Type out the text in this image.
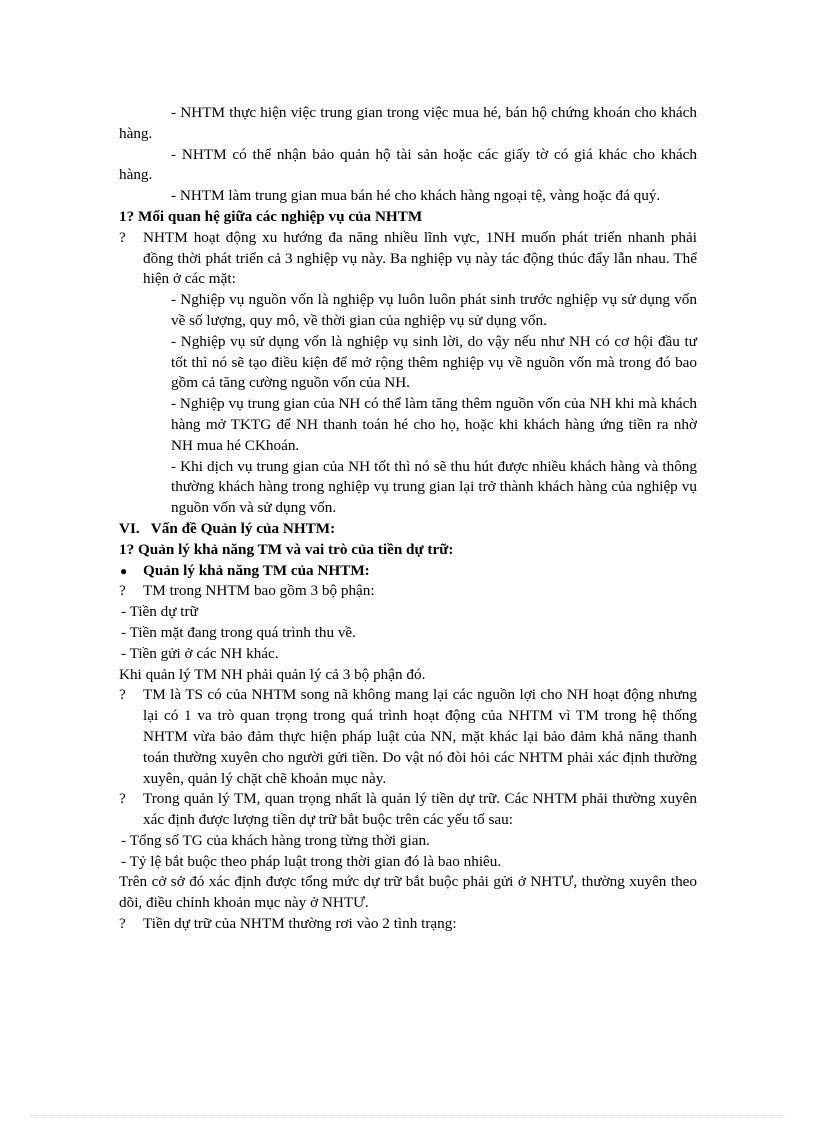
- NHTM thực hiện việc trung gian trong việc mua hé, bán hộ chứng khoán cho khách hàng.

- NHTM có thể nhận bảo quản hộ tài sản hoặc các giấy tờ có giá khác cho khách hàng.

- NHTM làm trung gian mua bán hé cho khách hàng ngoại tệ, vàng hoặc đá quý.

1? Mối quan hệ giữa các nghiệp vụ của NHTM

? NHTM hoạt động xu hướng đa năng nhiều lĩnh vực, 1NH muốn phát triển nhanh phải đồng thời phát triển cả 3 nghiệp vụ này. Ba nghiệp vụ này tác động thúc đẩy lẫn nhau. Thể hiện ở các mặt:

- Nghiệp vụ nguồn vốn là nghiệp vụ luôn luôn phát sinh trước nghiệp vụ sử dụng vốn về số lượng, quy mô, về thời gian của nghiệp vụ sử dụng vốn.

- Nghiệp vụ sử dụng vốn là nghiệp vụ sinh lời, do vậy nếu như NH có cơ hội đầu tư tốt thì nó sẽ tạo điều kiện để mở rộng thêm nghiệp vụ về nguồn vốn mà trong đó bao gồm cả tăng cường nguồn vốn của NH.

- Nghiệp vụ trung gian của NH có thể làm tăng thêm nguồn vốn của NH khi mà khách hàng mở TKTG để NH thanh toán hé cho họ, hoặc khi khách hàng ứng tiền ra nhờ NH mua hé CKhoán.

- Khi dịch vụ trung gian của NH tốt thì nó sẽ thu hút được nhiều khách hàng và thông thường khách hàng trong nghiệp vụ trung gian lại trở thành khách hàng của nghiệp vụ nguồn vốn và sử dụng vốn.

VI.   Vấn đề Quản lý của NHTM:

1? Quản lý khả năng TM và vai trò của tiền dự trữ:

● Quản lý khả năng TM của NHTM:

? TM trong NHTM bao gồm 3 bộ phận:

- Tiền dự trữ

- Tiền mặt đang trong quá trình thu về.

- Tiền gửi ở các NH khác.

Khi quản lý TM NH phải quản lý cả 3 bộ phận đó.

? TM là TS có của NHTM song nã không mang lại các nguồn lợi cho NH hoạt động nhưng lại có 1 va trò quan trọng trong quá trình hoạt động của NHTM vì TM trong hệ thống NHTM vừa bảo đảm thực hiện pháp luật của NN, mặt khác lại bảo đảm khả năng thanh toán thường xuyên cho người gửi tiền. Do vật nó đòi hỏi các NHTM phải xác định thường xuyên, quản lý chặt chẽ khoản mục này.

? Trong quản lý TM, quan trọng nhất là quản lý tiền dự trữ. Các NHTM phải thường xuyên xác định được lượng tiền dự trữ bắt buộc trên các yếu tố sau:

- Tổng số TG của khách hàng trong từng thời gian.

- Tỷ lệ bắt buộc theo pháp luật trong thời gian đó là bao nhiêu.

Trên cở sở đó xác định được tổng mức dự trữ bắt buộc phải gửi ở NHTƯ, thường xuyên theo dõi, điều chỉnh khoản mục này ở NHTƯ.

? Tiền dự trữ của NHTM thường rơi vào 2 tình trạng:
